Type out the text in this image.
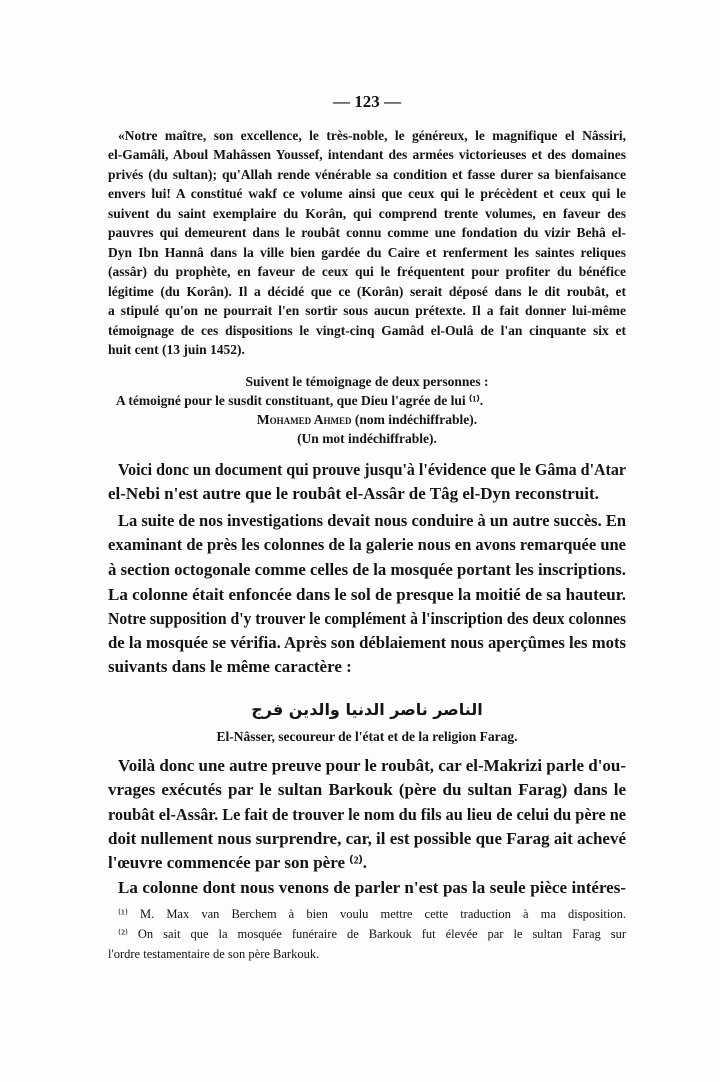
— 123 —
«Notre maître, son excellence, le très-noble, le généreux, le magnifique el Nâssiri,
el-Gamâli, Aboul Mahâssen Youssef, intendant des armées victorieuses et des domaines
privés (du sultan); qu'Allah rende vénérable sa condition et fasse durer sa bienfaisance
envers lui! A constitué wakf ce volume ainsi que ceux qui le précèdent et ceux qui le
suivent du saint exemplaire du Korân, qui comprend trente volumes, en faveur des
pauvres qui demeurent dans le roubât connu comme une fondation du vizir Behâ el-
Dyn Ibn Hannâ dans la ville bien gardée du Caire et renferment les saintes reliques
(assâr) du prophète, en faveur de ceux qui le fréquentent pour profiter du bénéfice
légitime (du Korân). Il a décidé que ce (Korân) serait déposé dans le dit roubât, et
a stipulé qu'on ne pourrait l'en sortir sous aucun prétexte. Il a fait donner lui-même
témoignage de ces dispositions le vingt-cinq Gamâd el-Oulâ de l'an cinquante six et
huit cent (13 juin 1452).
Suivent le témoignage de deux personnes :
A témoigné pour le susdit constituant, que Dieu l'agrée de lui ⁽¹⁾.
Mohamed Ahmed (nom indéchiffrable).
(Un mot indéchiffrable).
Voici donc un document qui prouve jusqu'à l'évidence que le Gâma d'Atar
el-Nebi n'est autre que le roubât el-Assâr de Tâg el-Dyn reconstruit.
La suite de nos investigations devait nous conduire à un autre succès. En
examinant de près les colonnes de la galerie nous en avons remarquée une
à section octogonale comme celles de la mosquée portant les inscriptions.
La colonne était enfoncée dans le sol de presque la moitié de sa hauteur.
Notre supposition d'y trouver le complément à l'inscription des deux colonnes
de la mosquée se vérifia. Après son déblaiement nous aperçûmes les mots
suivants dans le même caractère :
الناصر ناصر الدنيا والدين فرج
El-Nâsser, secoureur de l'état et de la religion Farag.
Voilà donc une autre preuve pour le roubât, car el-Makrizi parle d'ou-
vrages exécutés par le sultan Barkouk (père du sultan Farag) dans le
roubât el-Assâr. Le fait de trouver le nom du fils au lieu de celui du père ne
doit nullement nous surprendre, car, il est possible que Farag ait achevé
l'œuvre commencée par son père ⁽²⁾.
La colonne dont nous venons de parler n'est pas la seule pièce intéres-
⁽¹⁾ M. Max van Berchem à bien voulu mettre cette traduction à ma disposition.
⁽²⁾ On sait que la mosquée funéraire de Barkouk fut élevée par le sultan Farag sur
l'ordre testamentaire de son père Barkouk.
